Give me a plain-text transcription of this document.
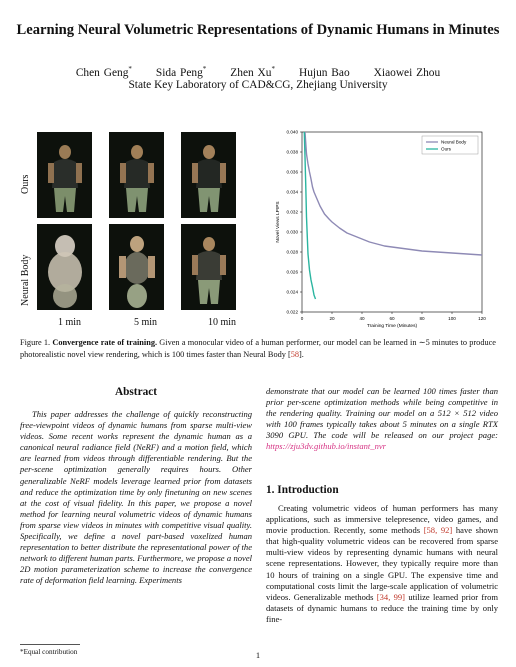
Learning Neural Volumetric Representations of Dynamic Humans in Minutes
Chen Geng* Sida Peng* Zhen Xu* Hujun Bao Xiaowei Zhou
State Key Laboratory of CAD&CG, Zhejiang University
Ours
Neural Body
1 min	5 min	10 min
0.022
0.024
0.026
0.028
0.030
0.032
0.034
0.036
0.038
0.040
0	20	40	60	80	100	120
Training Time (Minutes)
Novel Views LPIPS
Neural Body
Ours
Figure 1. Convergence rate of training. Given a monocular video of a human performer, our model can be learned in ∼5 minutes to produce photorealistic novel view rendering, which is 100 times faster than Neural Body [58].
Abstract
This paper addresses the challenge of quickly reconstructing free-viewpoint videos of dynamic humans from sparse multi-view videos. Some recent works represent the dynamic human as a canonical neural radiance field (NeRF) and a motion field, which are learned from videos through differentiable rendering. But the per-scene optimization generally requires hours. Other generalizable NeRF models leverage learned prior from datasets and reduce the optimization time by only finetuning on new scenes at the cost of visual fidelity. In this paper, we propose a novel method for learning neural volumetric videos of dynamic humans from sparse view videos in minutes with competitive visual quality. Specifically, we define a novel part-based voxelized human representation to better distribute the representational power of the network to different human parts. Furthermore, we propose a novel 2D motion parameterization scheme to increase the convergence rate of deformation field learning. Experiments
*Equal contribution	1
demonstrate that our model can be learned 100 times faster than prior per-scene optimization methods while being competitive in the rendering quality. Training our model on a 512 × 512 video with 100 frames typically takes about 5 minutes on a single RTX 3090 GPU. The code will be released on our project page: https://zju3dv.github.io/instant_nvr
1. Introduction
Creating volumetric videos of human performers has many applications, such as immersive telepresence, video games, and movie production. Recently, some methods [58, 92] have shown that high-quality volumetric videos can be recovered from sparse multi-view videos by representing dynamic humans with neural scene representations. However, they typically require more than 10 hours of training on a single GPU. The expensive time and computational costs limit the large-scale application of volumetric videos. Generalizable methods [34, 99] utilize learned prior from datasets of dynamic humans to reduce the training time by only fine-
